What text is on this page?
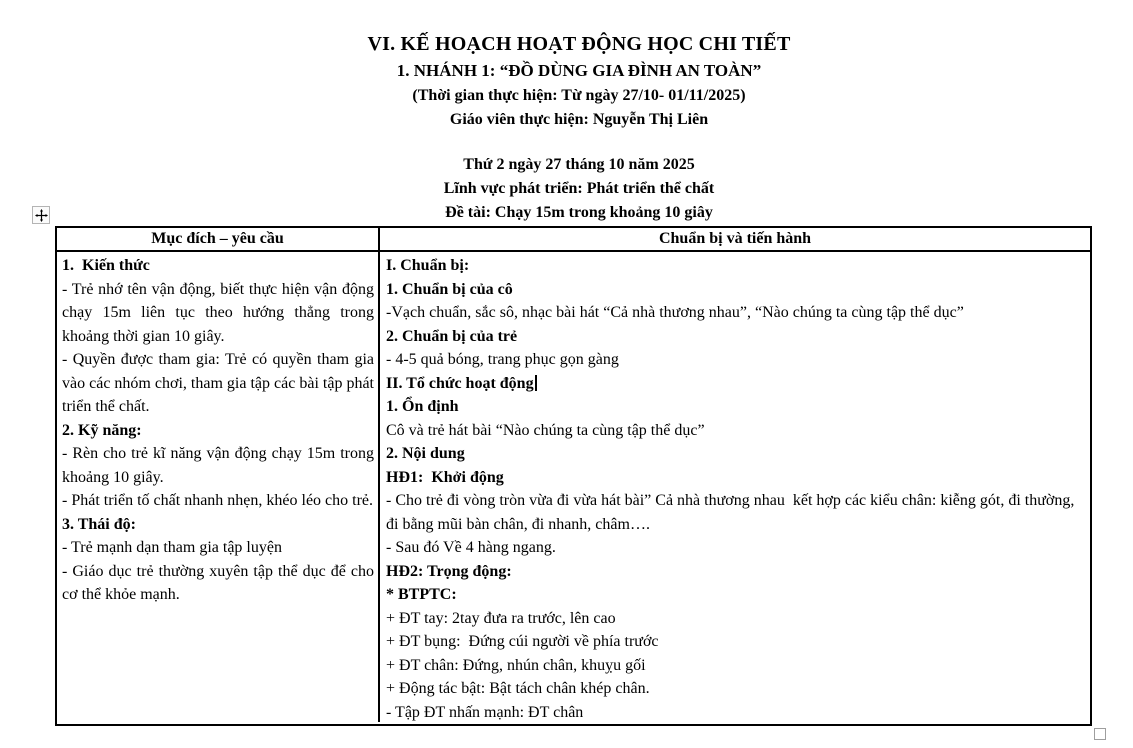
VI. KẾ HOẠCH HOẠT ĐỘNG HỌC CHI TIẾT
1. NHÁNH 1: “ĐỒ DÙNG GIA ĐÌNH AN TOÀN”
(Thời gian thực hiện: Từ ngày 27/10- 01/11/2025)
Giáo viên thực hiện: Nguyễn Thị Liên
Thứ 2 ngày 27 tháng 10 năm 2025
Lĩnh vực phát triển: Phát triển thể chất
Đề tài: Chạy 15m trong khoảng 10 giây
Mục đích – yêu cầu	Chuẩn bị và tiến hành
1.  Kiến thức
- Trẻ nhớ tên vận động, biết thực hiện vận động chạy 15m liên tục theo hướng thẳng trong khoảng thời gian 10 giây.
- Quyền được tham gia: Trẻ có quyền tham gia vào các nhóm chơi, tham gia tập các bài tập phát triển thể chất.
2. Kỹ năng:
- Rèn cho trẻ kĩ năng vận động chạy 15m trong khoảng 10 giây.
- Phát triển tố chất nhanh nhẹn, khéo léo cho trẻ.
3. Thái độ:
- Trẻ mạnh dạn tham gia tập luyện
- Giáo dục trẻ thường xuyên tập thể dục để cho cơ thể khỏe mạnh.
I. Chuẩn bị:
1. Chuẩn bị của cô
-Vạch chuẩn, sắc sô, nhạc bài hát “Cả nhà thương nhau”, “Nào chúng ta cùng tập thể dục”
2. Chuẩn bị của trẻ
- 4-5 quả bóng, trang phục gọn gàng
II. Tổ chức hoạt động
1. Ổn định
Cô và trẻ hát bài “Nào chúng ta cùng tập thể dục”
2. Nội dung
HĐ1:  Khởi động
- Cho trẻ đi vòng tròn vừa đi vừa hát bài” Cả nhà thương nhau  kết hợp các kiểu chân: kiễng gót, đi thường, đi bằng mũi bàn chân, đi nhanh, châm….
- Sau đó Về 4 hàng ngang.
HĐ2: Trọng động:
* BTPTC:
+ ĐT tay: 2tay đưa ra trước, lên cao
+ ĐT bụng:  Đứng cúi người về phía trước
+ ĐT chân: Đứng, nhún chân, khuỵu gối
+ Động tác bật: Bật tách chân khép chân.
- Tập ĐT nhấn mạnh: ĐT chân
